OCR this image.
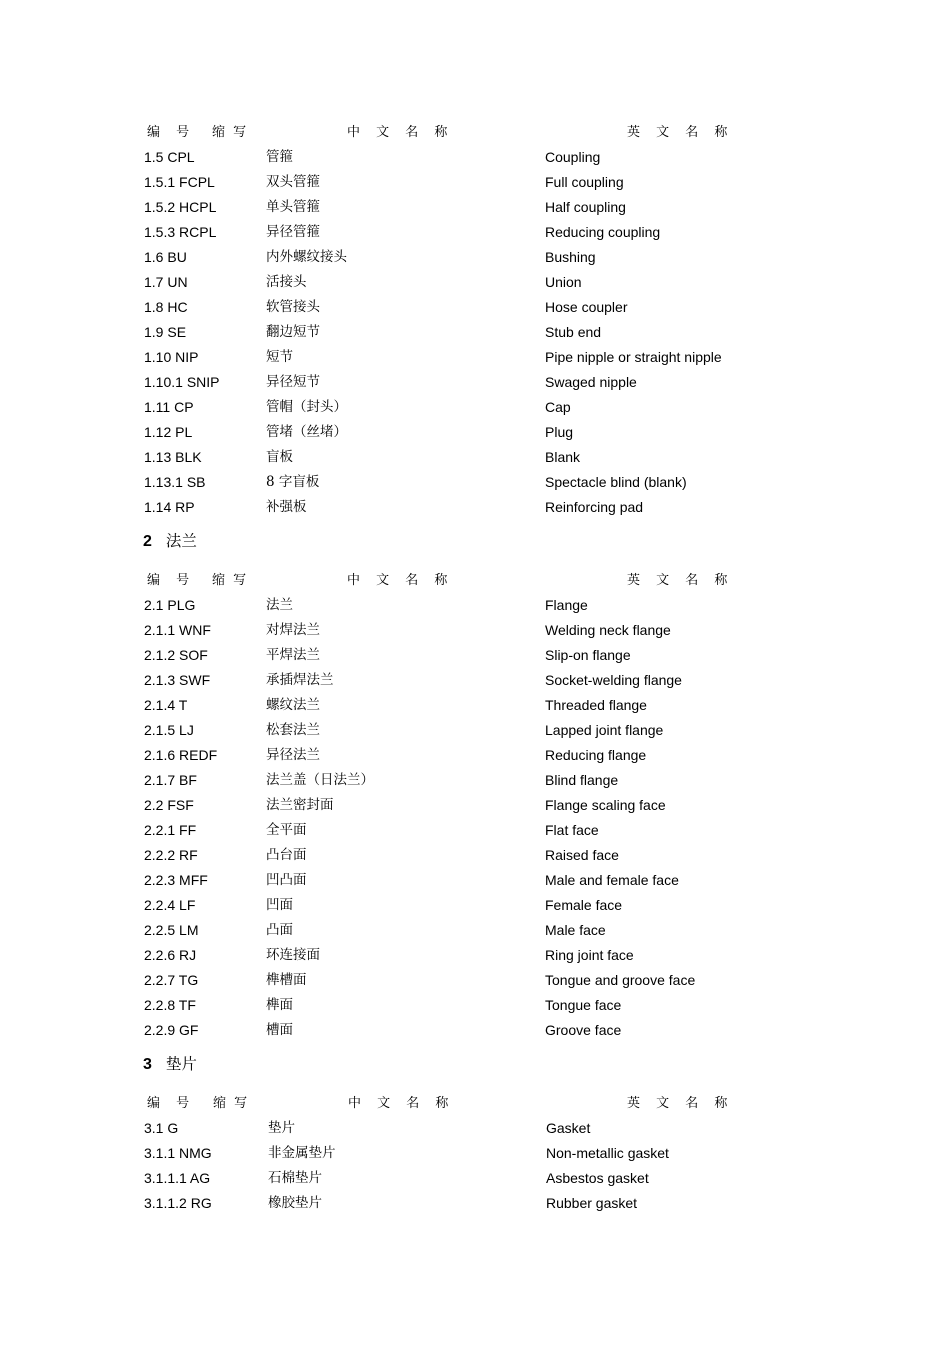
编 号 缩 写	中 文 名 称	英 文 名 称
1.5 CPL	管箍	Coupling
1.5.1 FCPL	双头管箍	Full coupling
1.5.2 HCPL	单头管箍	Half coupling
1.5.3 RCPL	异径管箍	Reducing coupling
1.6 BU	内外螺纹接头	Bushing
1.7 UN	活接头	Union
1.8 HC	软管接头	Hose coupler
1.9 SE	翻边短节	Stub end
1.10 NIP	短节	Pipe nipple or straight nipple
1.10.1 SNIP	异径短节	Swaged nipple
1.11 CP	管帽（封头）	Cap
1.12 PL	管堵（丝堵）	Plug
1.13 BLK	盲板	Blank
1.13.1 SB	8 字盲板	Spectacle blind (blank)
1.14 RP	补强板	Reinforcing pad
2 法兰
编 号 缩 写	中 文 名 称	英 文 名 称
2.1 PLG	法兰	Flange
2.1.1 WNF	对焊法兰	Welding neck flange
2.1.2 SOF	平焊法兰	Slip-on flange
2.1.3 SWF	承插焊法兰	Socket-welding flange
2.1.4 T	螺纹法兰	Threaded flange
2.1.5 LJ	松套法兰	Lapped joint flange
2.1.6 REDF	异径法兰	Reducing flange
2.1.7 BF	法兰盖（日法兰）	Blind flange
2.2 FSF	法兰密封面	Flange scaling face
2.2.1 FF	全平面	Flat face
2.2.2 RF	凸台面	Raised face
2.2.3 MFF	凹凸面	Male and female face
2.2.4 LF	凹面	Female face
2.2.5 LM	凸面	Male face
2.2.6 RJ	环连接面	Ring joint face
2.2.7 TG	榫槽面	Tongue and groove face
2.2.8 TF	榫面	Tongue face
2.2.9 GF	槽面	Groove face
3 垫片
编 号 缩 写	中 文 名 称	英 文 名 称
3.1 G	垫片	Gasket
3.1.1 NMG	非金属垫片	Non-metallic gasket
3.1.1.1 AG	石棉垫片	Asbestos gasket
3.1.1.2 RG	橡胶垫片	Rubber gasket
